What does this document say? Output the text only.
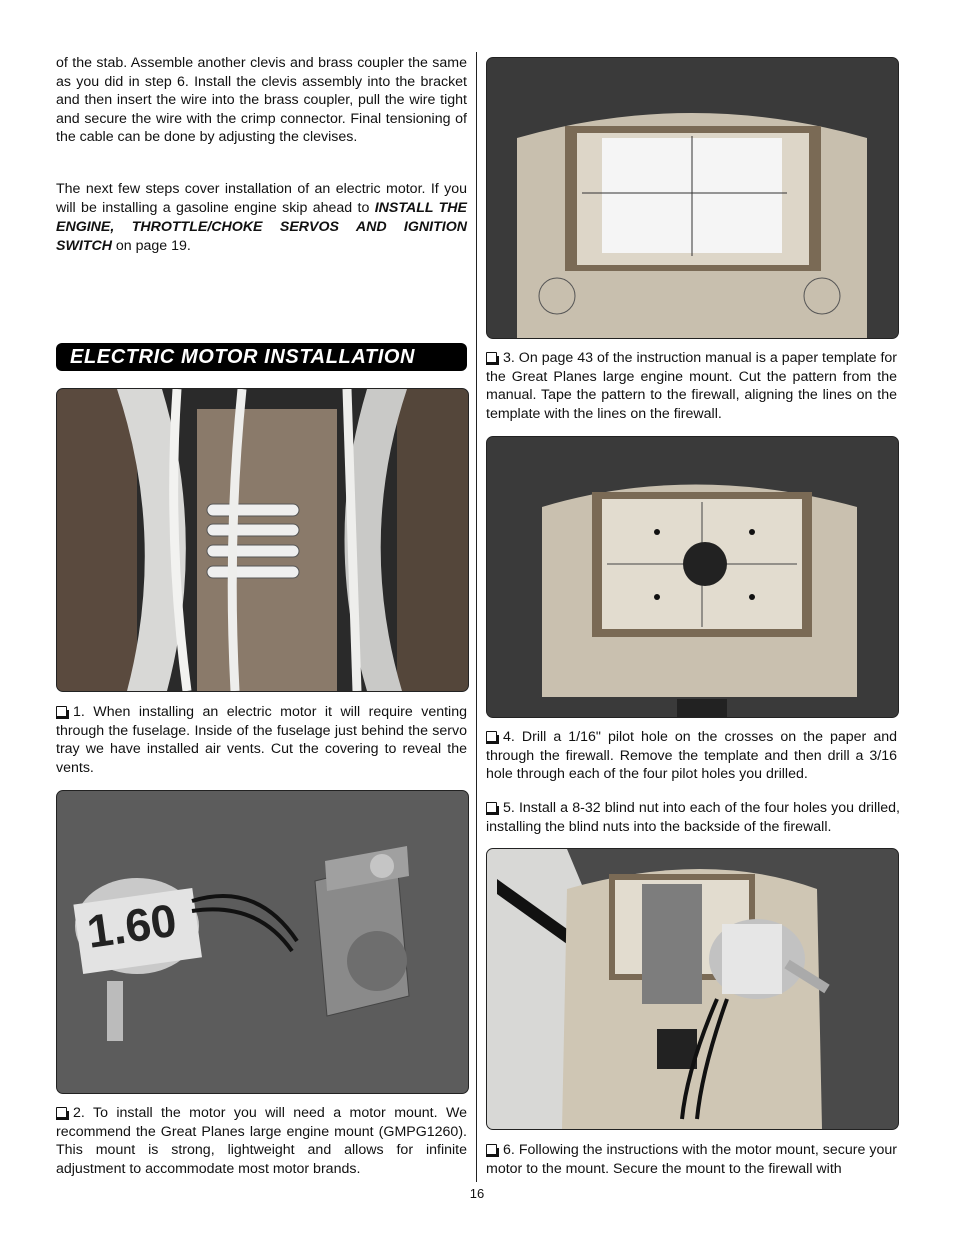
of the stab. Assemble another clevis and brass coupler the same as you did in step 6. Install the clevis assembly into the bracket and then insert the wire into the brass coupler, pull the wire tight and secure the wire with the crimp connector. Final tensioning of the cable can be done by adjusting the clevises.

The next few steps cover installation of an electric motor. If you will be installing a gasoline engine skip ahead to INSTALL THE ENGINE, THROTTLE/CHOKE SERVOS AND IGNITION SWITCH on page 19.

ELECTRIC MOTOR INSTALLATION

1. When installing an electric motor it will require venting through the fuselage. Inside of the fuselage just behind the servo tray we have installed air vents. Cut the covering to reveal the vents.

1.60

2. To install the motor you will need a motor mount. We recommend the Great Planes large engine mount (GMPG1260). This mount is strong, lightweight and allows for infinite adjustment to accommodate most motor brands.

3. On page 43 of the instruction manual is a paper template for the Great Planes large engine mount. Cut the pattern from the manual. Tape the pattern to the firewall, aligning the lines on the template with the lines on the firewall.

4. Drill a 1/16" pilot hole on the crosses on the paper and through the firewall. Remove the template and then drill a 3/16 hole through each of the four pilot holes you drilled.

5. Install a 8-32 blind nut into each of the four holes you drilled, installing the blind nuts into the backside of the firewall.

6. Following the instructions with the motor mount, secure your motor to the mount. Secure the mount to the firewall with

16
